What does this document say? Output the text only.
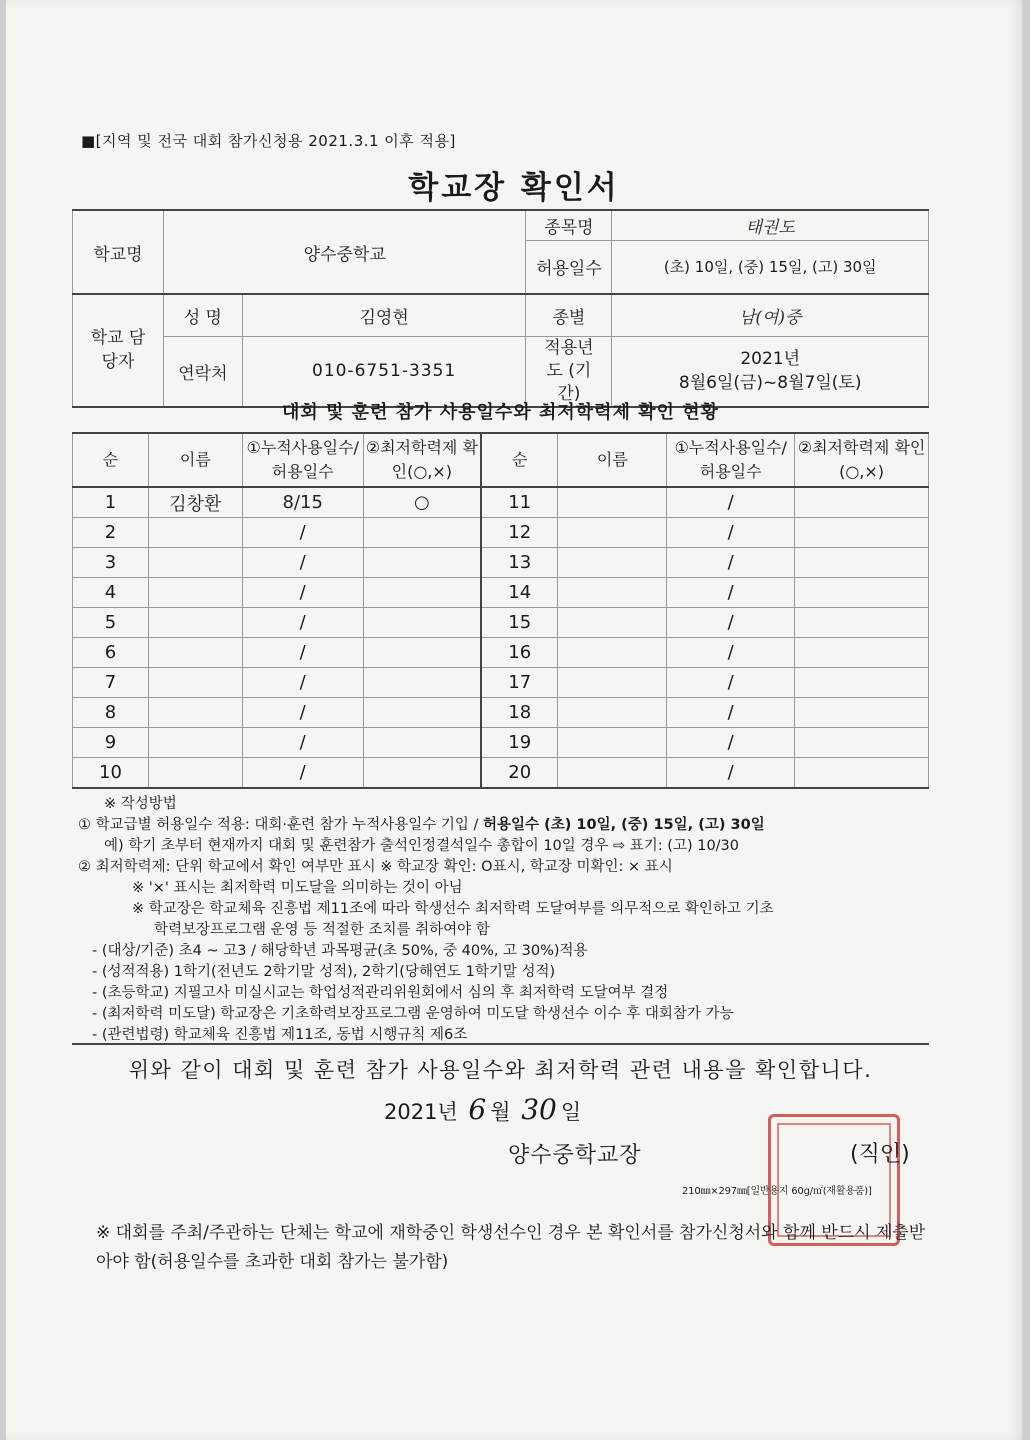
■[지역 및 전국 대회 참가신청용 2021.3.1 이후 적용]
학교장 확인서
학교명	양수중학교		종목명	태권도
			허용일수	(초) 10일, (중) 15일, (고) 30일
학교 담당자	성 명	김영현	종별	남(여)중
	연락처	010-6751-3351	적용년도 (기간)	2021년
8월6일(금)~8월7일(토)
대회 및 훈련 참가 사용일수와 최저학력제 확인 현황
순	이름	①누적사용일수/허용일수	②최저학력제 확인(○,×)	순	이름	①누적사용일수/허용일수	②최저학력제 확인(○,×)
1	김창환	8/15	○	11		/	
2		/		12		/	
3		/		13		/	
4		/		14		/	
5		/		15		/	
6		/		16		/	
7		/		17		/	
8		/		18		/	
9		/		19		/	
10		/		20		/	
※ 작성방법
① 학교급별 허용일수 적용: 대회·훈련 참가 누적사용일수 기입 / 허용일수 (초) 10일, (중) 15일, (고) 30일
예) 학기 초부터 현재까지 대회 및 훈련참가 출석인정결석일수 총합이 10일 경우 ⇨ 표기: (고) 10/30
② 최저학력제: 단위 학교에서 확인 여부만 표시 ※ 학교장 확인: O표시, 학교장 미확인: × 표시
※ '×' 표시는 최저학력 미도달을 의미하는 것이 아님
※ 학교장은 학교체육 진흥법 제11조에 따라 학생선수 최저학력 도달여부를 의무적으로 확인하고 기초
학력보장프로그램 운영 등 적절한 조치를 취하여야 함
- (대상/기준) 초4 ~ 고3 / 해당학년 과목평균(초 50%, 중 40%, 고 30%)적용
- (성적적용) 1학기(전년도 2학기말 성적), 2학기(당해연도 1학기말 성적)
- (초등학교) 지필고사 미실시교는 학업성적관리위원회에서 심의 후 최저학력 도달여부 결정
- (최저학력 미도달) 학교장은 기초학력보장프로그램 운영하여 미도달 학생선수 이수 후 대회참가 가능
- (관련법령) 학교체육 진흥법 제11조, 동법 시행규칙 제6조
위와 같이 대회 및 훈련 참가 사용일수와 최저학력 관련 내용을 확인합니다.
2021년 6 월 30 일
양수중학교장	(직인)
210㎜×297㎜[일반용지 60g/㎡(재활용품)]
※ 대회를 주최/주관하는 단체는 학교에 재학중인 학생선수인 경우 본 확인서를 참가신청서와 함께 반드시 제출받아야 함(허용일수를 초과한 대회 참가는 불가함)
